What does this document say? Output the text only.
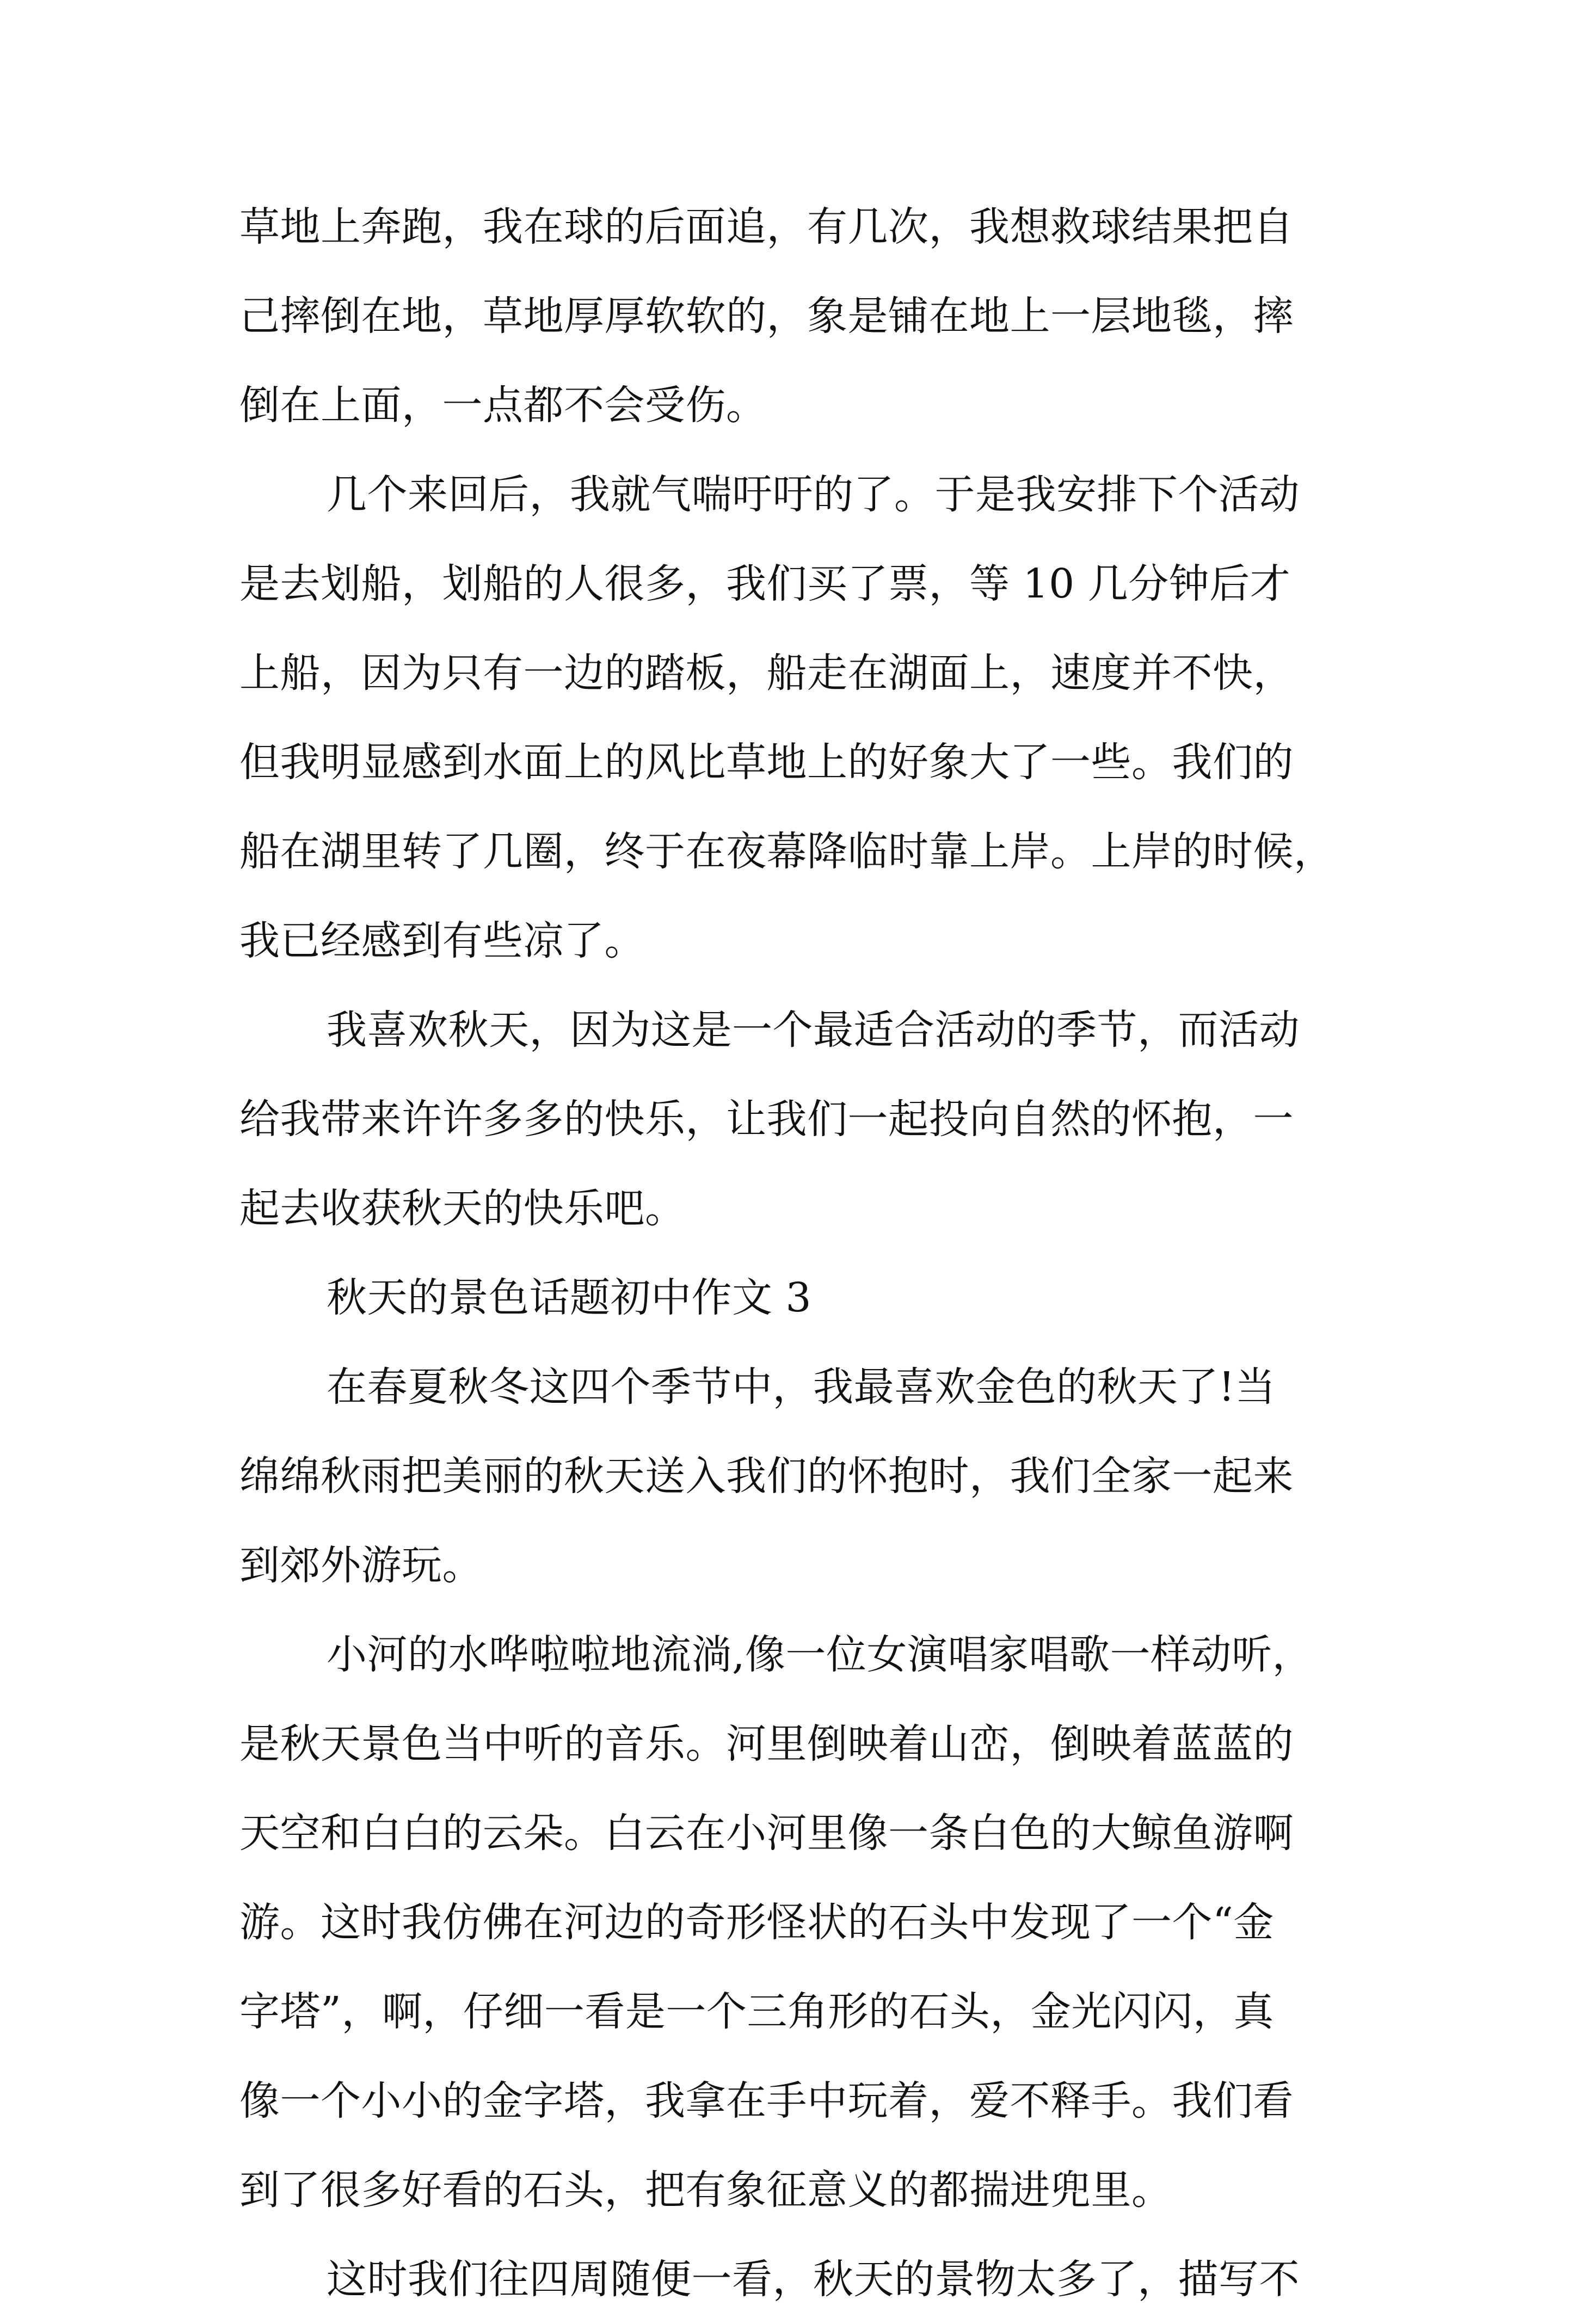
草地上奔跑，我在球的后面追，有几次，我想救球结果把自
己摔倒在地，草地厚厚软软的，象是铺在地上一层地毯，摔
倒在上面，一点都不会受伤。
几个来回后，我就气喘吁吁的了。于是我安排下个活动
是去划船，划船的人很多，我们买了票，等 10 几分钟后才
上船，因为只有一边的踏板，船走在湖面上，速度并不快，
但我明显感到水面上的风比草地上的好象大了一些。我们的
船在湖里转了几圈，终于在夜幕降临时靠上岸。上岸的时候，
我已经感到有些凉了。
我喜欢秋天，因为这是一个最适合活动的季节，而活动
给我带来许许多多的快乐，让我们一起投向自然的怀抱，一
起去收获秋天的快乐吧。
秋天的景色话题初中作文 3
在春夏秋冬这四个季节中，我最喜欢金色的秋天了!当
绵绵秋雨把美丽的秋天送入我们的怀抱时，我们全家一起来
到郊外游玩。
小河的水哗啦啦地流淌,像一位女演唱家唱歌一样动听，
是秋天景色当中听的音乐。河里倒映着山峦，倒映着蓝蓝的
天空和白白的云朵。白云在小河里像一条白色的大鲸鱼游啊
游。这时我仿佛在河边的奇形怪状的石头中发现了一个“金
字塔”，啊，仔细一看是一个三角形的石头，金光闪闪，真
像一个小小的金字塔，我拿在手中玩着，爱不释手。我们看
到了很多好看的石头，把有象征意义的都揣进兜里。
这时我们往四周随便一看，秋天的景物太多了，描写不
